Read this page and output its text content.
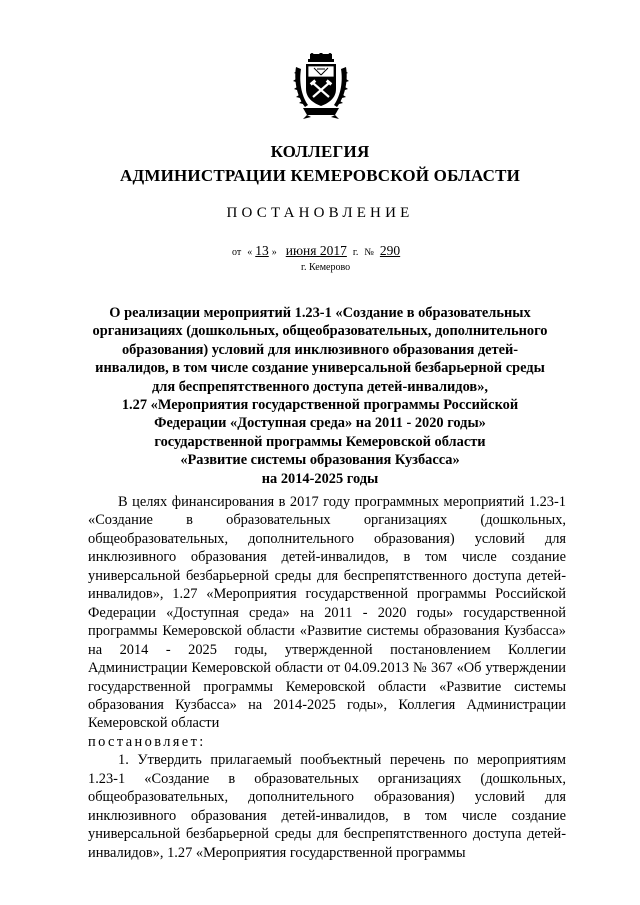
КОЛЛЕГИЯ
АДМИНИСТРАЦИИ КЕМЕРОВСКОЙ ОБЛАСТИ
ПОСТАНОВЛЕНИЕ
от « 13 » июня 2017 г. № 290
г. Кемерово
О реализации мероприятий 1.23-1 «Создание в образовательных
организациях (дошкольных, общеобразовательных, дополнительного
образования) условий для инклюзивного образования детей-
инвалидов, в том числе создание универсальной безбарьерной среды
для беспрепятственного доступа детей-инвалидов»,
1.27 «Мероприятия государственной программы Российской
Федерации «Доступная среда» на 2011 - 2020 годы»
государственной программы Кемеровской области
«Развитие системы образования Кузбасса»
на 2014-2025 годы

В целях финансирования в 2017 году программных мероприятий 1.23-1 «Создание в образовательных организациях (дошкольных, общеобразовательных, дополнительного образования) условий для инклюзивного образования детей-инвалидов, в том числе создание универсальной безбарьерной среды для беспрепятственного доступа детей-инвалидов», 1.27 «Мероприятия государственной программы Российской Федерации «Доступная среда» на 2011 - 2020 годы» государственной программы Кемеровской области «Развитие системы образования Кузбасса» на 2014 - 2025 годы, утвержденной постановлением Коллегии Администрации Кемеровской области от 04.09.2013 № 367 «Об утверждении государственной программы Кемеровской области «Развитие системы образования Кузбасса» на 2014-2025 годы», Коллегия Администрации Кемеровской области

постановляет:

1. Утвердить прилагаемый пообъектный перечень по мероприятиям 1.23-1 «Создание в образовательных организациях (дошкольных, общеобразовательных, дополнительного образования) условий для инклюзивного образования детей-инвалидов, в том числе создание универсальной безбарьерной среды для беспрепятственного доступа детей-инвалидов», 1.27 «Мероприятия государственной программы
